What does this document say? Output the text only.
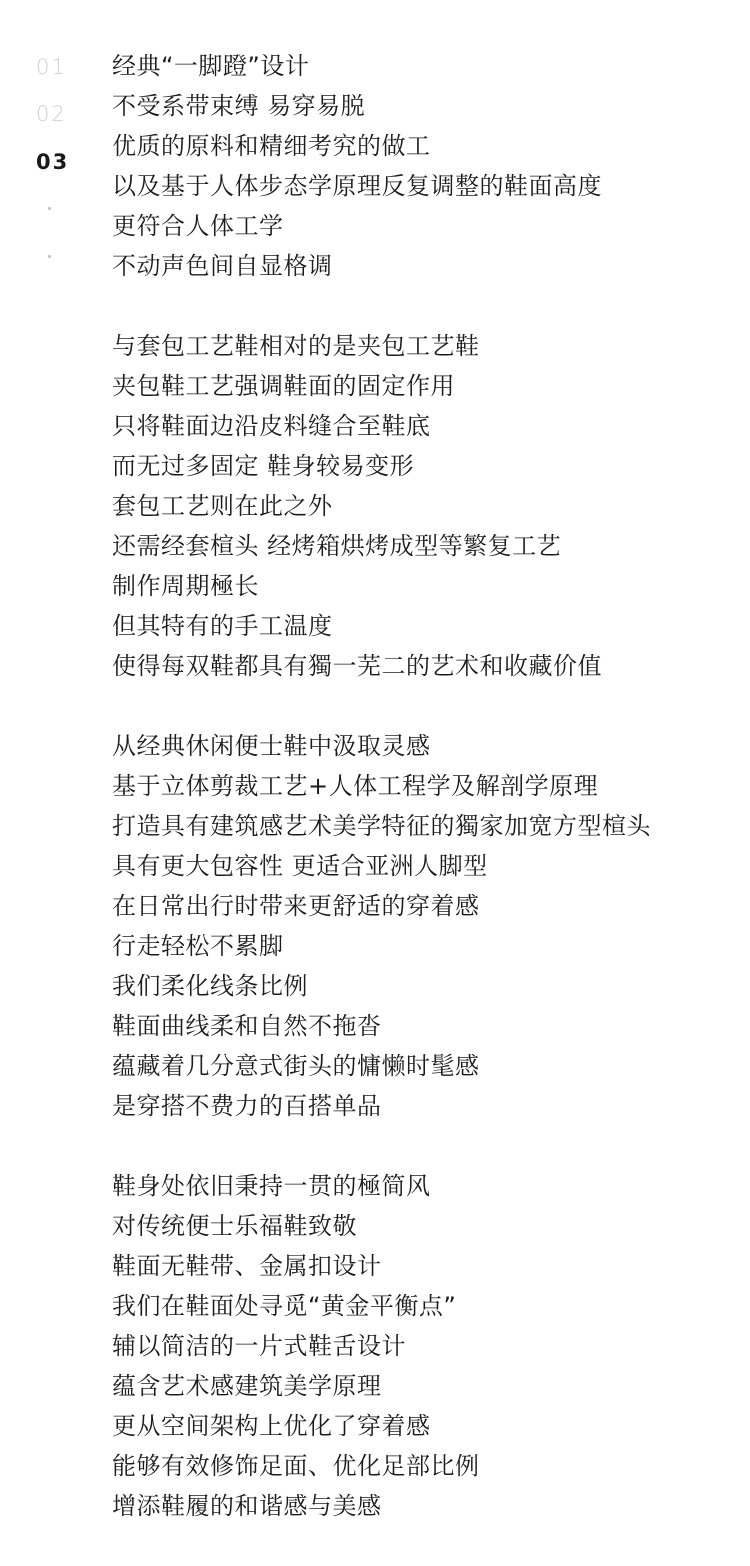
01
02
03
经典“一脚蹬”设计
不受系带束缚 易穿易脱
优质的原料和精细考究的做工
以及基于人体步态学原理反复调整的鞋面高度
更符合人体工学
不动声色间自显格调
与套包工艺鞋相对的是夹包工艺鞋
夹包鞋工艺强调鞋面的固定作用
只将鞋面边沿皮料缝合至鞋底
而无过多固定 鞋身较易变形
套包工艺则在此之外
还需经套楦头 经烤箱烘烤成型等繁复工艺
制作周期極长
但其特有的手工温度
使得每双鞋都具有獨一芜二的艺术和收藏价值
从经典休闲便士鞋中汲取灵感
基于立体剪裁工艺+人体工程学及解剖学原理
打造具有建筑感艺术美学特征的獨家加宽方型楦头
具有更大包容性 更适合亚洲人脚型
在日常出行时带来更舒适的穿着感
行走轻松不累脚
我们柔化线条比例
鞋面曲线柔和自然不拖沓
蕴藏着几分意式街头的慵懒时髦感
是穿搭不费力的百搭单品
鞋身处依旧秉持一贯的極简风
对传统便士乐福鞋致敬
鞋面无鞋带、金属扣设计
我们在鞋面处寻觅“黄金平衡点”
辅以简洁的一片式鞋舌设计
蕴含艺术感建筑美学原理
更从空间架构上优化了穿着感
能够有效修饰足面、优化足部比例
增添鞋履的和谐感与美感
